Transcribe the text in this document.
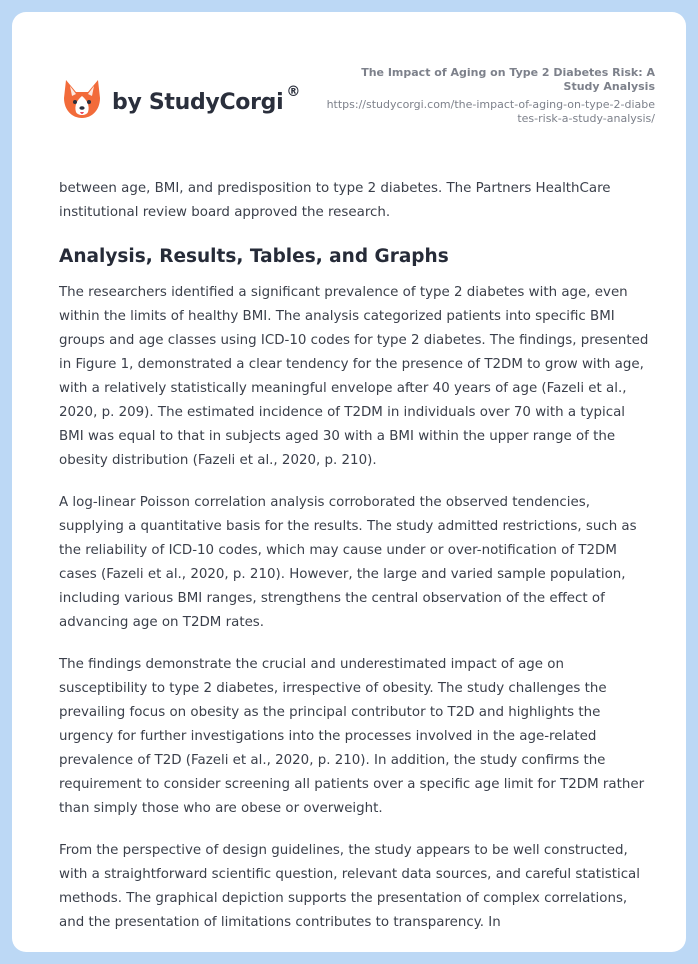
by StudyCorgi ®
The Impact of Aging on Type 2 Diabetes Risk: A Study Analysis
https://studycorgi.com/the-impact-of-aging-on-type-2-diabetes-risk-a-study-analysis/

between age, BMI, and predisposition to type 2 diabetes. The Partners HealthCare institutional review board approved the research.

Analysis, Results, Tables, and Graphs

The researchers identified a significant prevalence of type 2 diabetes with age, even within the limits of healthy BMI. The analysis categorized patients into specific BMI groups and age classes using ICD-10 codes for type 2 diabetes. The findings, presented in Figure 1, demonstrated a clear tendency for the presence of T2DM to grow with age, with a relatively statistically meaningful envelope after 40 years of age (Fazeli et al., 2020, p. 209). The estimated incidence of T2DM in individuals over 70 with a typical BMI was equal to that in subjects aged 30 with a BMI within the upper range of the obesity distribution (Fazeli et al., 2020, p. 210).

A log-linear Poisson correlation analysis corroborated the observed tendencies, supplying a quantitative basis for the results. The study admitted restrictions, such as the reliability of ICD-10 codes, which may cause under or over-notification of T2DM cases (Fazeli et al., 2020, p. 210). However, the large and varied sample population, including various BMI ranges, strengthens the central observation of the effect of advancing age on T2DM rates.

The findings demonstrate the crucial and underestimated impact of age on susceptibility to type 2 diabetes, irrespective of obesity. The study challenges the prevailing focus on obesity as the principal contributor to T2D and highlights the urgency for further investigations into the processes involved in the age-related prevalence of T2D (Fazeli et al., 2020, p. 210). In addition, the study confirms the requirement to consider screening all patients over a specific age limit for T2DM rather than simply those who are obese or overweight.

From the perspective of design guidelines, the study appears to be well constructed, with a straightforward scientific question, relevant data sources, and careful statistical methods. The graphical depiction supports the presentation of complex correlations, and the presentation of limitations contributes to transparency. In
